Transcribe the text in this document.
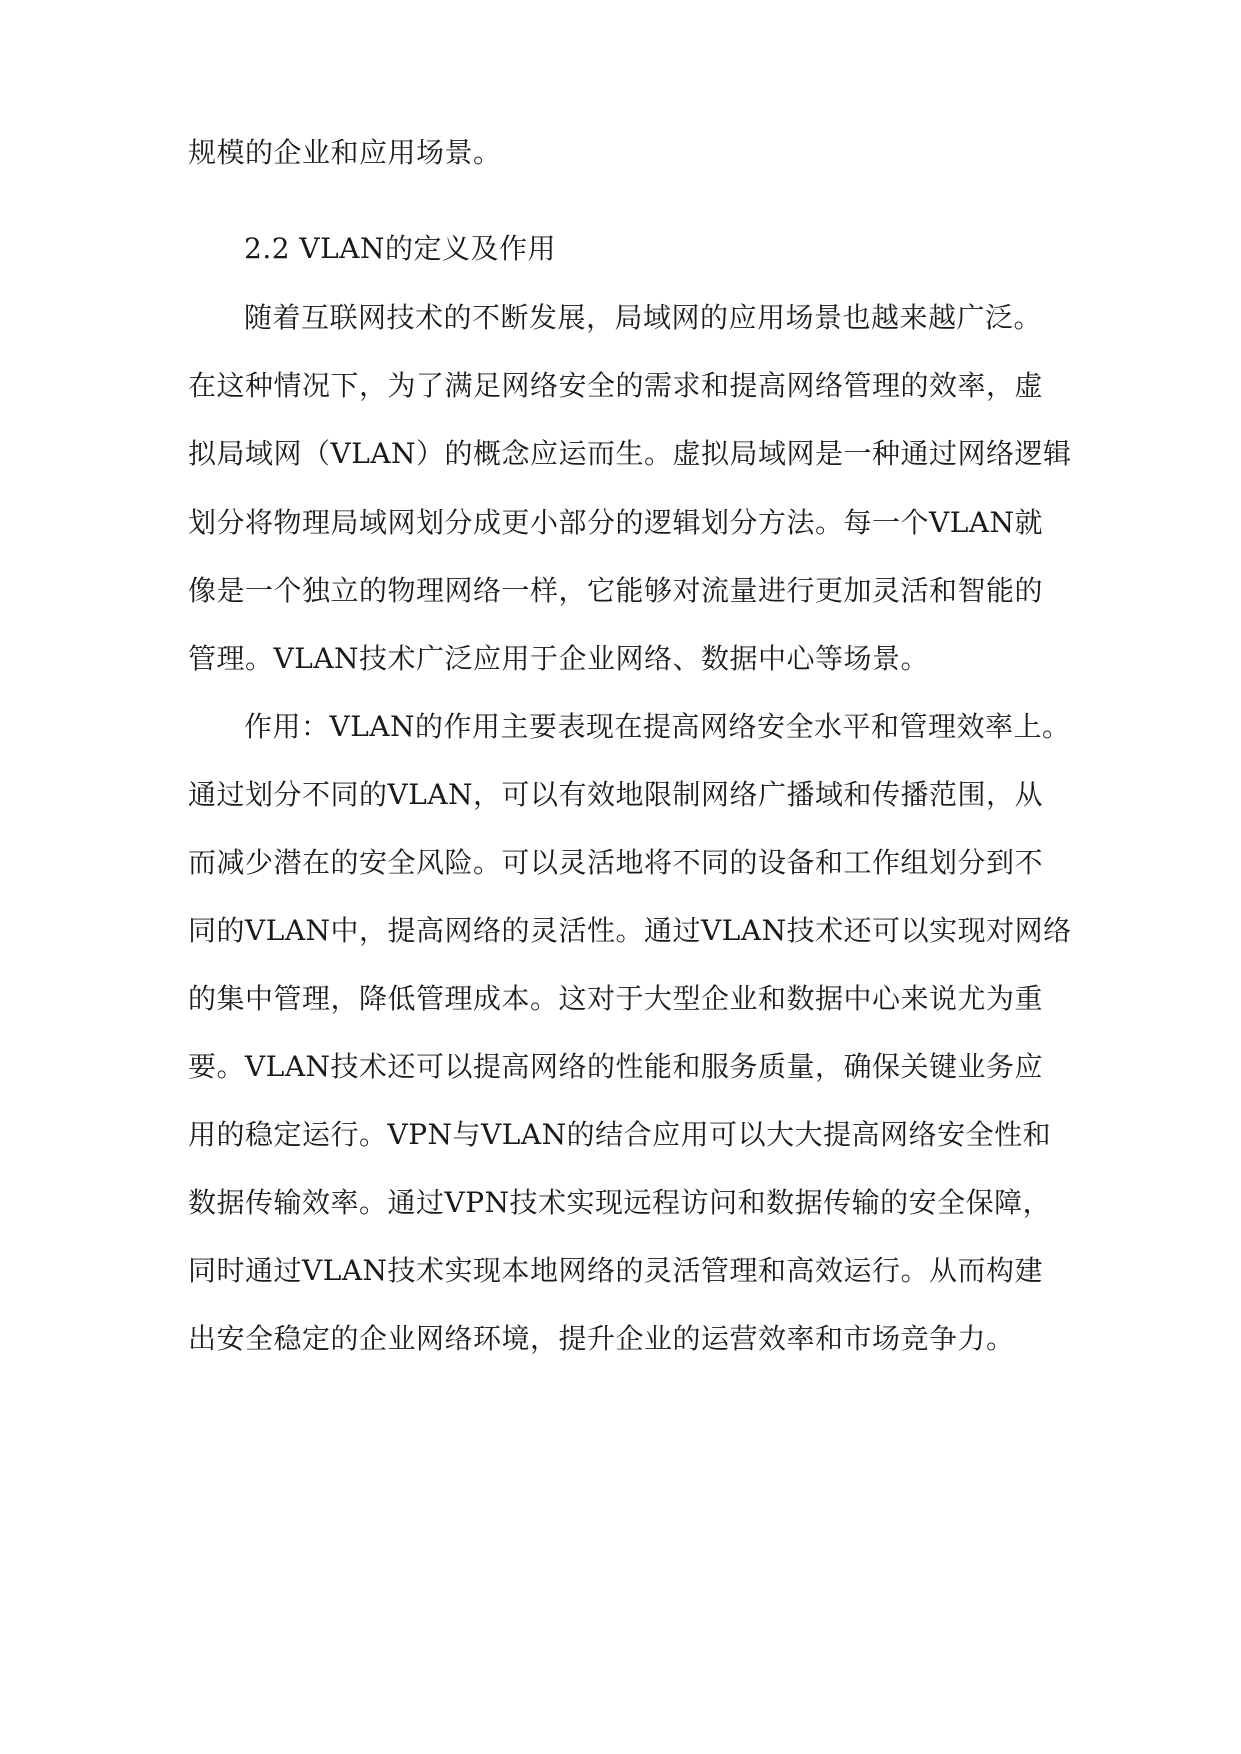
规模的企业和应用场景。
2.2 VLAN的定义及作用
随着互联网技术的不断发展，局域网的应用场景也越来越广泛。
在这种情况下，为了满足网络安全的需求和提高网络管理的效率，虚
拟局域网（VLAN）的概念应运而生。虚拟局域网是一种通过网络逻辑
划分将物理局域网划分成更小部分的逻辑划分方法。每一个VLAN就
像是一个独立的物理网络一样，它能够对流量进行更加灵活和智能的
管理。VLAN技术广泛应用于企业网络、数据中心等场景。
作用：VLAN的作用主要表现在提高网络安全水平和管理效率上。
通过划分不同的VLAN，可以有效地限制网络广播域和传播范围，从
而减少潜在的安全风险。可以灵活地将不同的设备和工作组划分到不
同的VLAN中，提高网络的灵活性。通过VLAN技术还可以实现对网络
的集中管理，降低管理成本。这对于大型企业和数据中心来说尤为重
要。VLAN技术还可以提高网络的性能和服务质量，确保关键业务应
用的稳定运行。VPN与VLAN的结合应用可以大大提高网络安全性和
数据传输效率。通过VPN技术实现远程访问和数据传输的安全保障，
同时通过VLAN技术实现本地网络的灵活管理和高效运行。从而构建
出安全稳定的企业网络环境，提升企业的运营效率和市场竞争力。
